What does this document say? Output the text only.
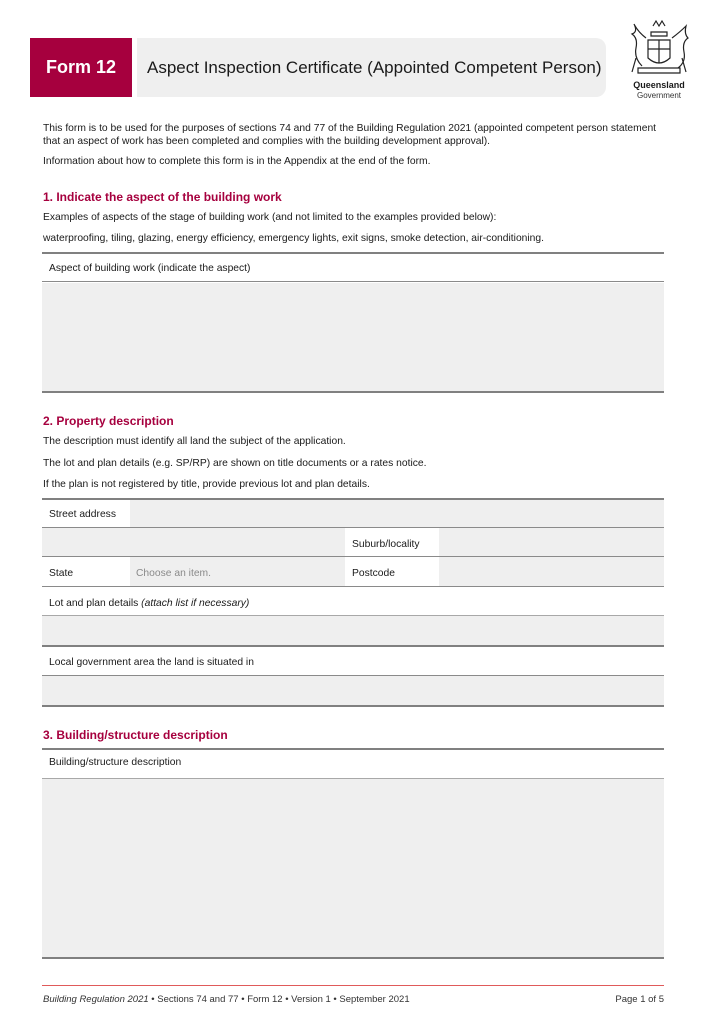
Form 12	Aspect Inspection Certificate (Appointed Competent Person)
Queensland
Government
This form is to be used for the purposes of sections 74 and 77 of the Building Regulation 2021 (appointed competent person statement that an aspect of work has been completed and complies with the building development approval).
Information about how to complete this form is in the Appendix at the end of the form.
1. Indicate the aspect of the building work
Examples of aspects of the stage of building work (and not limited to the examples provided below):
waterproofing, tiling, glazing, energy efficiency, emergency lights, exit signs, smoke detection, air-conditioning.
Aspect of building work (indicate the aspect)
2. Property description
The description must identify all land the subject of the application.
The lot and plan details (e.g. SP/RP) are shown on title documents or a rates notice.
If the plan is not registered by title, provide previous lot and plan details.
Street address
Suburb/locality
State	Choose an item.	Postcode
Lot and plan details (attach list if necessary)
Local government area the land is situated in
3. Building/structure description
Building/structure description
Building Regulation 2021 • Sections 74 and 77 • Form 12 • Version 1 • September 2021	Page 1 of 5
